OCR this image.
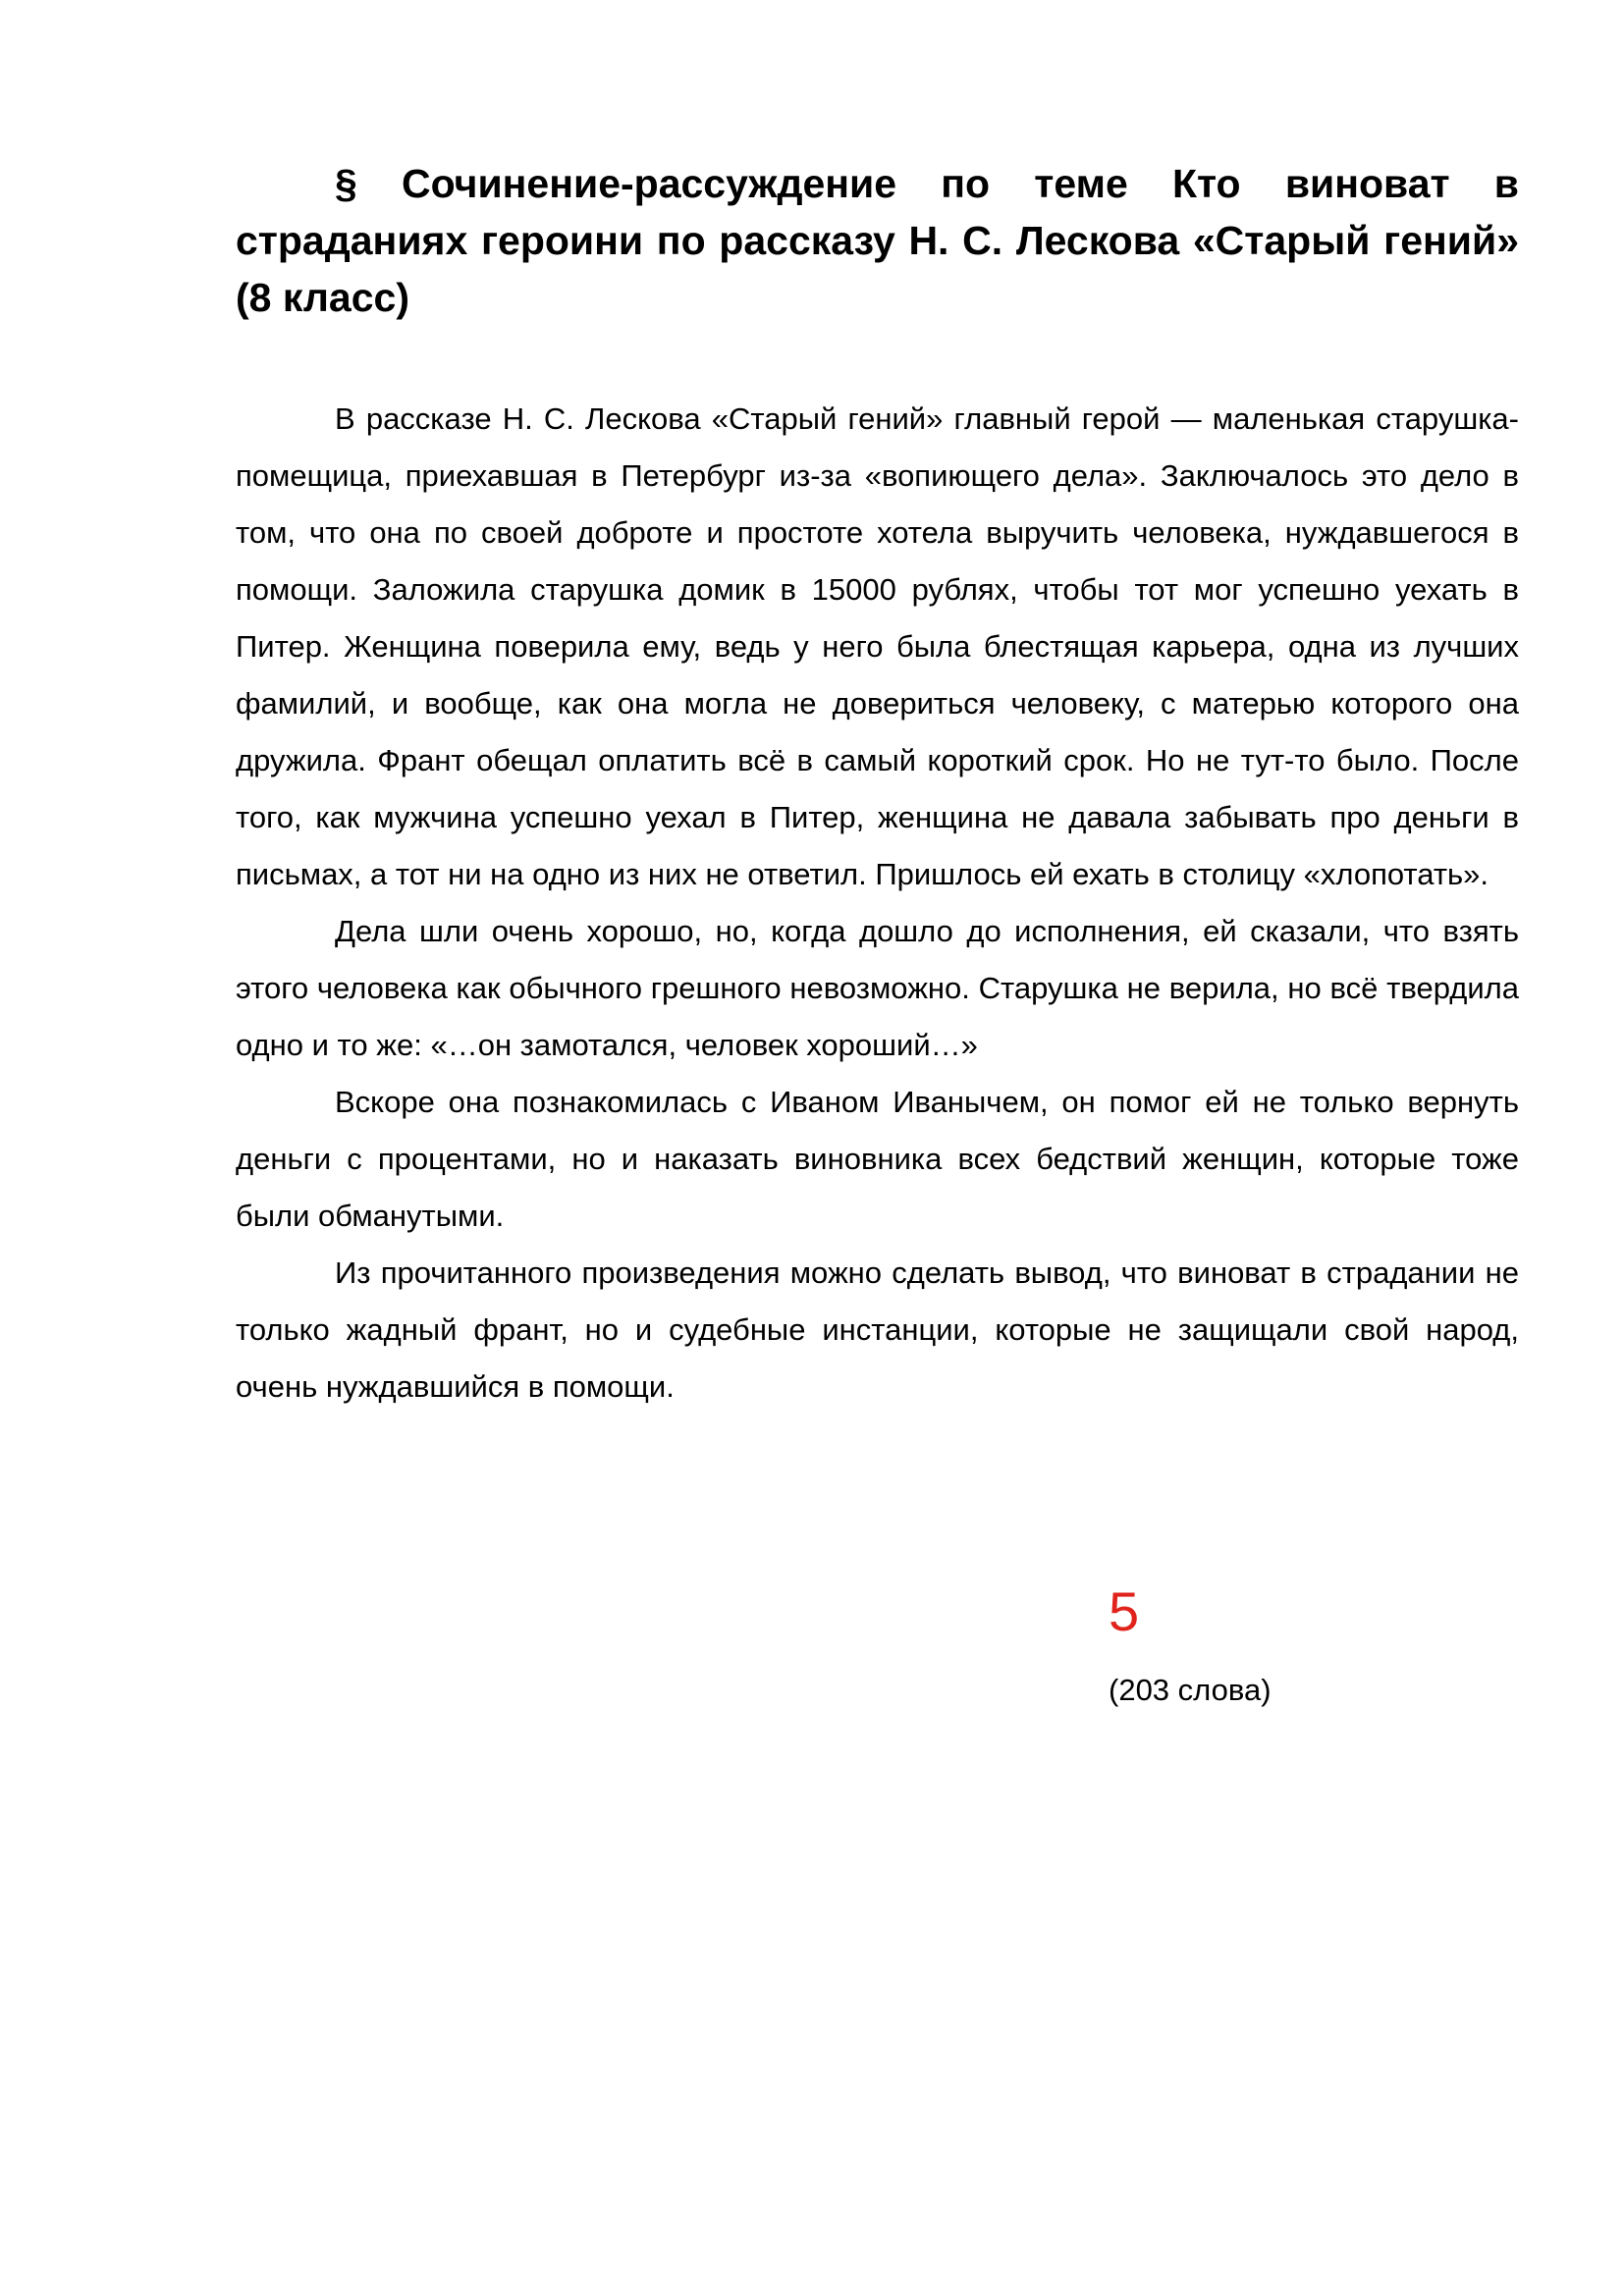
§ Сочинение-рассуждение по теме Кто виноват в страданиях героини по рассказу Н. С. Лескова «Старый гений» (8 класс)

В рассказе Н. С. Лескова «Старый гений» главный герой — маленькая старушка-помещица, приехавшая в Петербург из-за «вопиющего дела». Заключалось это дело в том, что она по своей доброте и простоте хотела выручить человека, нуждавшегося в помощи. Заложила старушка домик в 15000 рублях, чтобы тот мог успешно уехать в Питер. Женщина поверила ему, ведь у него была блестящая карьера, одна из лучших фамилий, и вообще, как она могла не довериться человеку, с матерью которого она дружила. Франт обещал оплатить всё в самый короткий срок. Но не тут-то было. После того, как мужчина успешно уехал в Питер, женщина не давала забывать про деньги в письмах, а тот ни на одно из них не ответил. Пришлось ей ехать в столицу «хлопотать».

Дела шли очень хорошо, но, когда дошло до исполнения, ей сказали, что взять этого человека как обычного грешного невозможно. Старушка не верила, но всё твердила одно и то же: «…он замотался, человек хороший…»

Вскоре она познакомилась с Иваном Иванычем, он помог ей не только вернуть деньги с процентами, но и наказать виновника всех бедствий женщин, которые тоже были обманутыми.

Из прочитанного произведения можно сделать вывод, что виноват в страдании не только жадный франт, но и судебные инстанции, которые не защищали свой народ, очень нуждавшийся в помощи.

5
(203 слова)
